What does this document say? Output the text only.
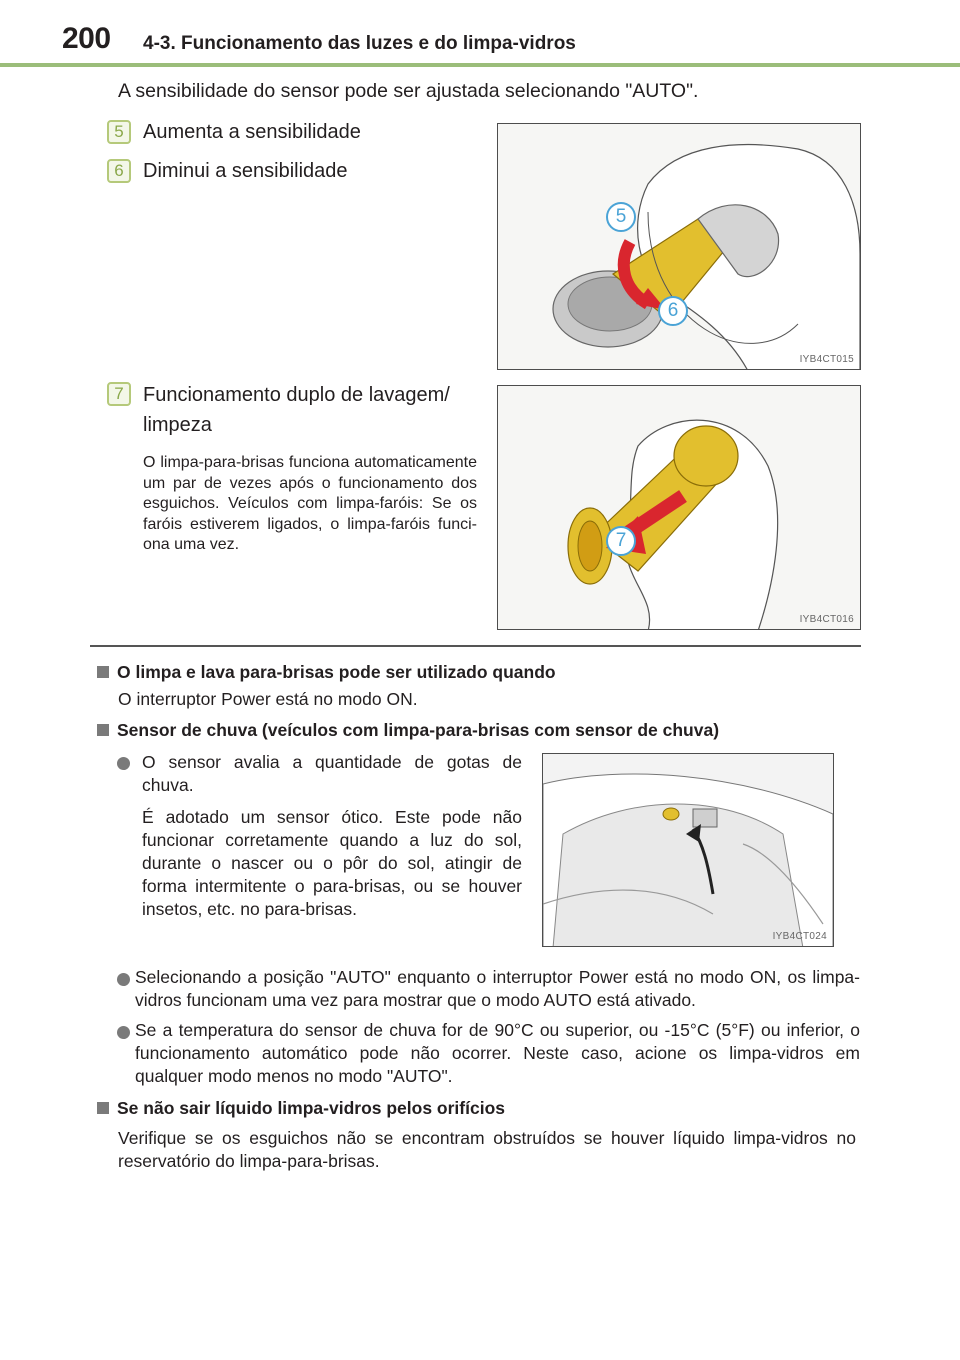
200 4-3. Funcionamento das luzes e do limpa-vidros
A sensibilidade do sensor pode ser ajustada selecionando "AUTO".
5 Aumenta a sensibilidade
6 Diminui a sensibilidade
5
6
IYB4CT015
7 Funcionamento duplo de lavagem/
limpeza
O limpa-para-brisas funciona automaticamente um par de vezes após o funcionamento dos esguichos. Veículos com limpa-faróis: Se os faróis estiverem ligados, o limpa-faróis funciona uma vez.	7
IYB4CT016
O limpa e lava para-brisas pode ser utilizado quando
O interruptor Power está no modo ON.
Sensor de chuva (veículos com limpa-para-brisas com sensor de chuva)
O sensor avalia a quantidade de gotas de chuva.
É adotado um sensor ótico. Este pode não funcionar corretamente quando a luz do sol, durante o nascer ou o pôr do sol, atingir de forma intermitente o para-brisas, ou se houver insetos, etc. no para-brisas.
IYB4CT024
Selecionando a posição "AUTO" enquanto o interruptor Power está no modo ON, os limpa-vidros funcionam uma vez para mostrar que o modo AUTO está ativado.
Se a temperatura do sensor de chuva for de 90°C ou superior, ou -15°C (5°F) ou inferior, o funcionamento automático pode não ocorrer. Neste caso, acione os limpa-vidros em qualquer modo menos no modo "AUTO".
Se não sair líquido limpa-vidros pelos orifícios
Verifique se os esguichos não se encontram obstruídos se houver líquido limpa-vidros no reservatório do limpa-para-brisas.
